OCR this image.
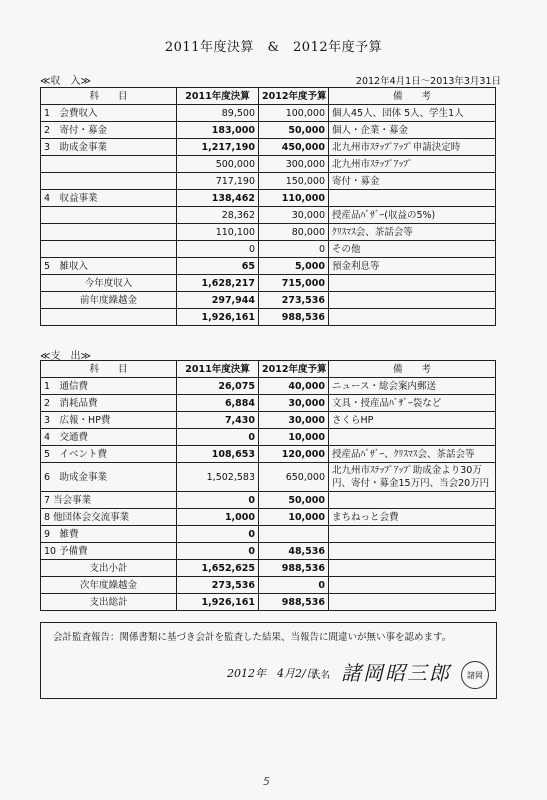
2011年度決算　&　2012年度予算
≪収　入≫	2012年4月1日～2013年3月31日
科　　目	2011年度決算	2012年度予算	備　　考
1　会費収入	89,500	100,000	個人45人、団体 5人、学生1人
2　寄付・募金	183,000	50,000	個人・企業・募金
3　助成金事業	1,217,190	450,000	北九州市ｽﾃｯﾌﾟｱｯﾌﾟ申請決定時
	500,000	300,000	北九州市ｽﾃｯﾌﾟｱｯﾌﾟ
	717,190	150,000	寄付・募金
4　収益事業	138,462	110,000	
	28,362	30,000	授産品ﾊﾞｻﾞｰ(収益の5%)
	110,100	80,000	ｸﾘｽﾏｽ会、茶話会等
	0	0	その他
5　雑収入	65	5,000	預金利息等
今年度収入	1,628,217	715,000	
前年度繰越金	297,944	273,536	
	1,926,161	988,536	
≪支　出≫
科　　目	2011年度決算	2012年度予算	備　　考
1　通信費	26,075	40,000	ニュース・総会案内郵送
2　消耗品費	6,884	30,000	文具・授産品ﾊﾞｻﾞｰ袋など
3　広報・HP費	7,430	30,000	さくらHP
4　交通費	0	10,000	
5　イベント費	108,653	120,000	授産品ﾊﾞｻﾞｰ、ｸﾘｽﾏｽ会、茶話会等
6　助成金事業	1,502,583	650,000	北九州市ｽﾃｯﾌﾟｱｯﾌﾟ助成金より30万円、寄付・募金15万円、当会20万円
7 当会事業	0	50,000	
8 他団体会交流事業	1,000	10,000	まちねっと会費
9　雑費	0		
10 予備費	0	48,536	
支出小計	1,652,625	988,536	
次年度繰越金	273,536	0	
支出総計	1,926,161	988,536	
会計監査報告：関係書類に基づき会計を監査した結果、当報告に間違いが無い事を認めます。
2012年　4月2/日
氏名 諸岡昭三郎	諸岡
5
